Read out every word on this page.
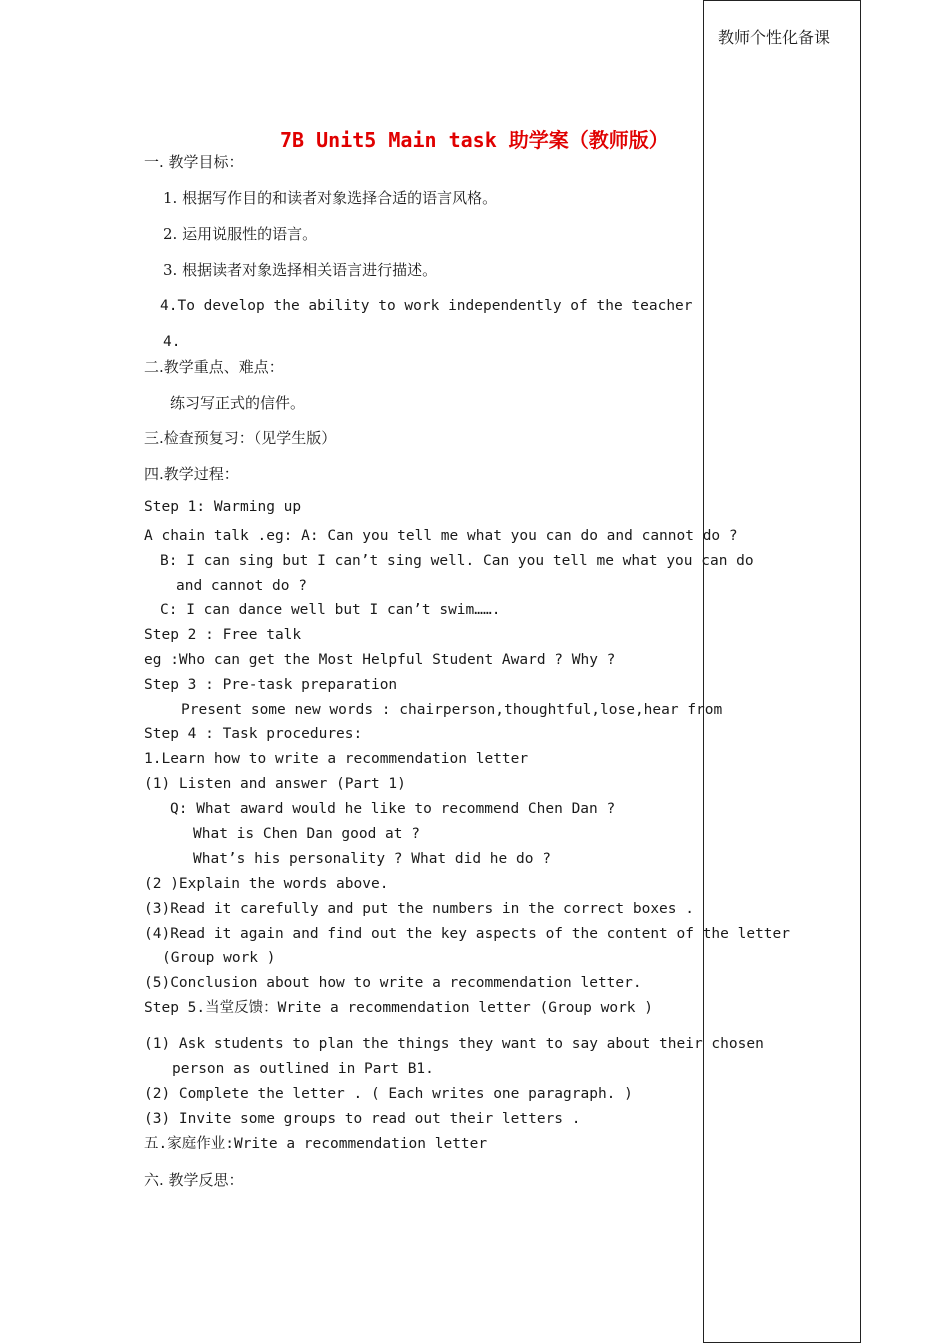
教师个性化备课
7B Unit5 Main task 助学案（教师版）
一. 教学目标：
1. 根据写作目的和读者对象选择合适的语言风格。
2. 运用说服性的语言。
3. 根据读者对象选择相关语言进行描述。
4.To develop the ability to work independently of the teacher
4.
二.教学重点、难点：
练习写正式的信件。
三.检查预复习：（见学生版）
四.教学过程：
Step 1: Warming up
A chain talk .eg: A: Can you tell me what you can do and cannot do ?
B: I can sing but I can’t sing well. Can you tell me what you can do
and cannot do ?
C: I can dance well but I can’t swim…….
Step 2 : Free talk
eg :Who can get the Most Helpful Student Award ? Why ?
Step 3 : Pre-task preparation
Present some new words : chairperson,thoughtful,lose,hear from
Step 4 : Task procedures:
1.Learn how to write a recommendation letter
(1) Listen and answer (Part 1)
Q: What award would he like to recommend Chen Dan ?
What is Chen Dan good at ?
What’s his personality ? What did he do ?
(2 )Explain the words above.
(3)Read it carefully and put the numbers in the correct boxes .
(4)Read it again and find out the key aspects of the content of the letter
(Group work )
(5)Conclusion about how to write a recommendation letter.
Step 5.当堂反馈：Write a recommendation letter (Group work )
(1) Ask students to plan the things they want to say about their chosen
person as outlined in Part B1.
(2) Complete the letter . ( Each writes one paragraph. )
(3) Invite some groups to read out their letters .
五.家庭作业:Write a recommendation letter
六. 教学反思：
